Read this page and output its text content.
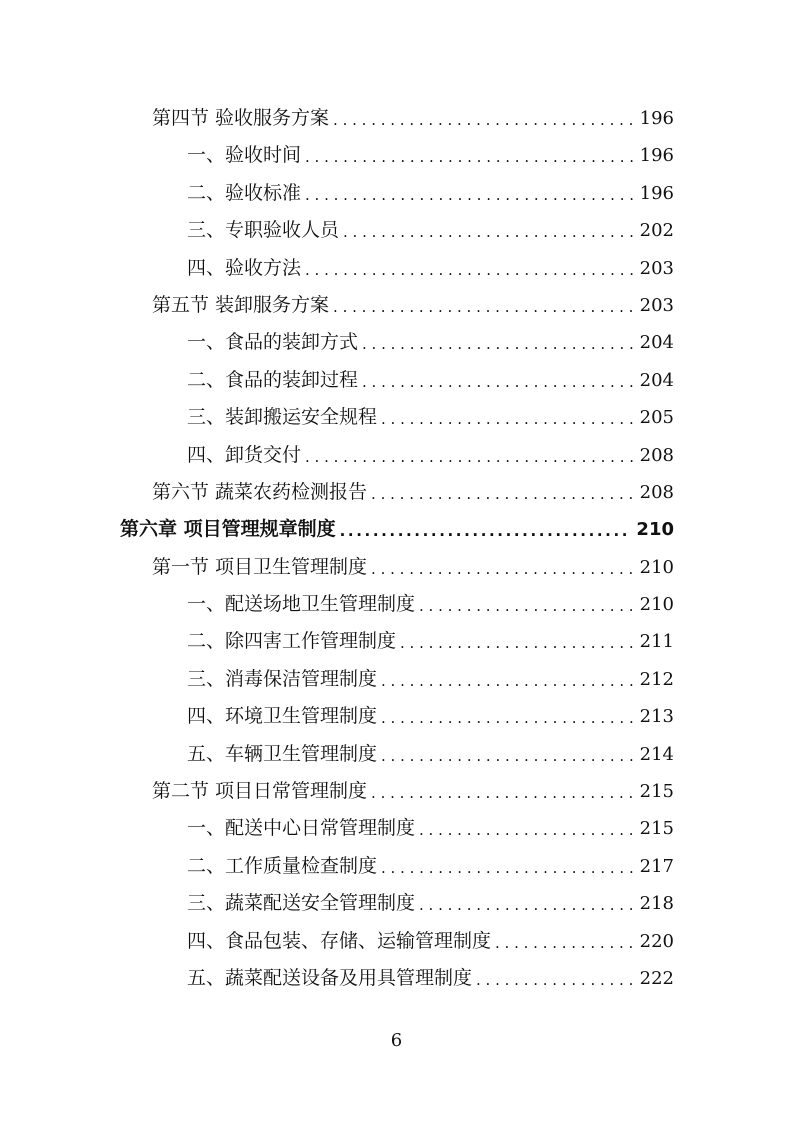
第四节 验收服务方案 . . .	196
一、验收时间 . . .	196
二、验收标准 . . .	196
三、专职验收人员 . . .	202
四、验收方法 . . .	203
第五节 装卸服务方案 . . .	203
一、食品的装卸方式 . . .	204
二、食品的装卸过程 . . .	204
三、装卸搬运安全规程 . . .	205
四、卸货交付 . . .	208
第六节 蔬菜农药检测报告 . . .	208
第六章 项目管理规章制度 .....	210
第一节 项目卫生管理制度 . . .	210
一、配送场地卫生管理制度 . . .	210
二、除四害工作管理制度 . . .	211
三、消毒保洁管理制度 . . .	212
四、环境卫生管理制度 . . .	213
五、车辆卫生管理制度 . . .	214
第二节 项目日常管理制度 . . .	215
一、配送中心日常管理制度 . . .	215
二、工作质量检查制度 . . .	217
三、蔬菜配送安全管理制度 . . .	218
四、食品包装、存储、运输管理制度 . . .	220
五、蔬菜配送设备及用具管理制度 . . .	222
6
